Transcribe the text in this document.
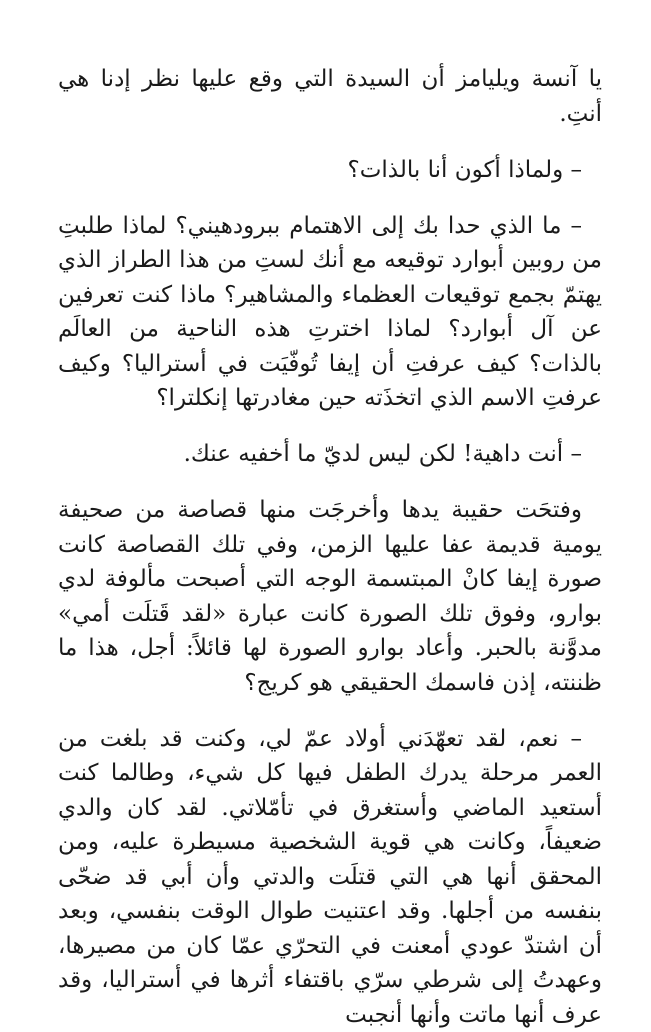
يا آنسة ويليامز أن السيدة التي وقع عليها نظر إدنا هي أنتِ.

– ولماذا أكون أنا بالذات؟

– ما الذي حدا بك إلى الاهتمام ببرودهيني؟ لماذا طلبتِ من روبين أبوارد توقيعه مع أنك لستِ من هذا الطراز الذي يهتمّ بجمع توقيعات العظماء والمشاهير؟ ماذا كنت تعرفين عن آل أبوارد؟ لماذا اخترتِ هذه الناحية من العالَم بالذات؟ كيف عرفتِ أن إيفا تُوفّيَت في أستراليا؟ وكيف عرفتِ الاسم الذي اتخذَته حين مغادرتها إنكلترا؟

– أنت داهية! لكن ليس لديّ ما أخفيه عنك.

وفتحَت حقيبة يدها وأخرجَت منها قصاصة من صحيفة يومية قديمة عفا عليها الزمن، وفي تلك القصاصة كانت صورة إيفا كانْ المبتسمة الوجه التي أصبحت مألوفة لدي بوارو، وفوق تلك الصورة كانت عبارة «لقد قَتلَت أمي» مدوَّنة بالحبر. وأعاد بوارو الصورة لها قائلاً: أجل، هذا ما ظننته، إذن فاسمك الحقيقي هو كريج؟

– نعم، لقد تعهّدَني أولاد عمّ لي، وكنت قد بلغت من العمر مرحلة يدرك الطفل فيها كل شيء، وطالما كنت أستعيد الماضي وأستغرق في تأمّلاتي. لقد كان والدي ضعيفاً، وكانت هي قوية الشخصية مسيطرة عليه، ومن المحقق أنها هي التي قتلَت والدتي وأن أبي قد ضحّى بنفسه من أجلها. وقد اعتنيت طوال الوقت بنفسي، وبعد أن اشتدّ عودي أمعنت في التحرّي عمّا كان من مصيرها، وعهدتُ إلى شرطي سرّي باقتفاء أثرها في أستراليا، وقد عرف أنها ماتت وأنها أنجبت
